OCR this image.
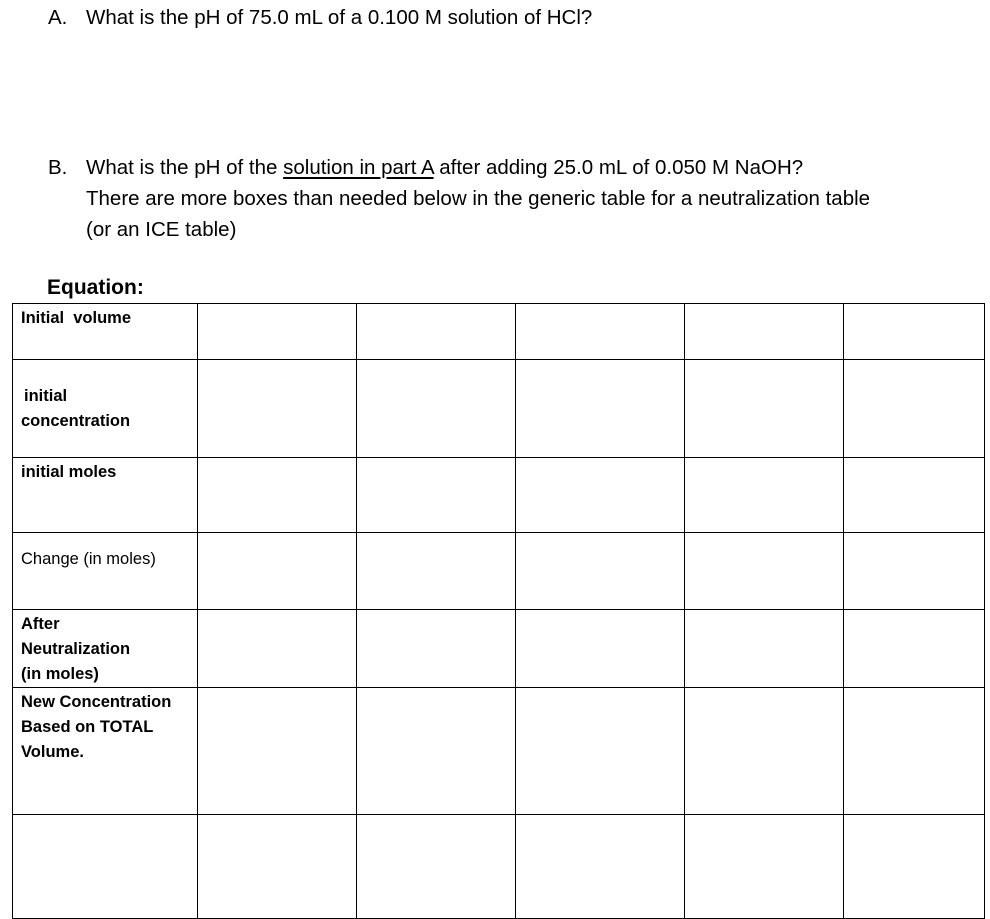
A. What is the pH of 75.0 mL of a 0.100 M solution of HCl?
B. What is the pH of the solution in part A after adding 25.0 mL of 0.050 M NaOH?
There are more boxes than needed below in the generic table for a neutralization table
(or an ICE table)
Equation:
Initial  volume					

initial
concentration					

initial moles					

Change (in moles)					

After
Neutralization
(in moles)					

New Concentration
Based on TOTAL
Volume.					
